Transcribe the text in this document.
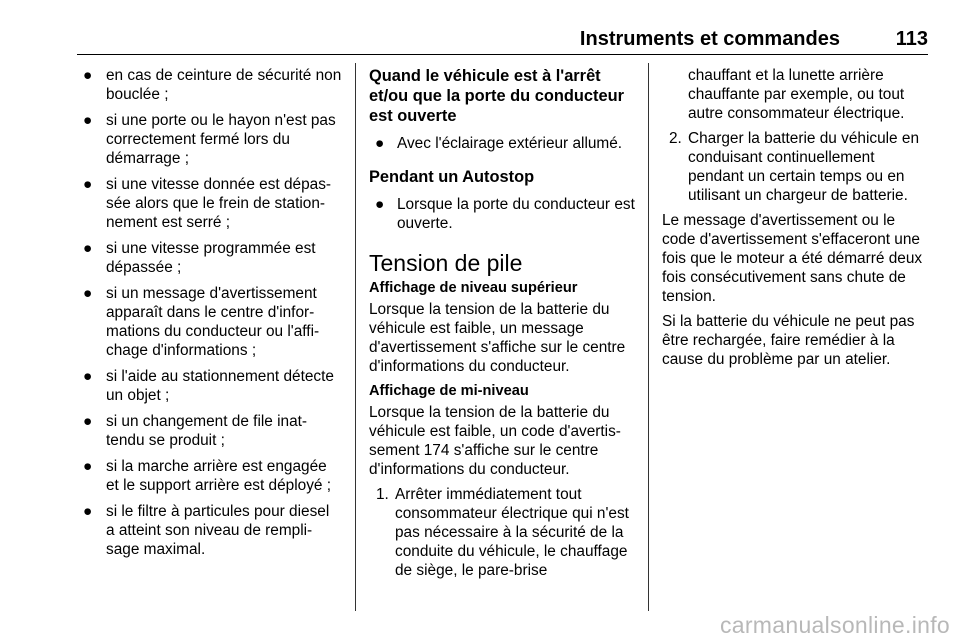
Instruments et commandes	113
● en cas de ceinture de sécurité non bouclée ;
● si une porte ou le hayon n'est pas correctement fermé lors du démarrage ;
● si une vitesse donnée est dépas- sée alors que le frein de station- nement est serré ;
● si une vitesse programmée est dépassée ;
● si un message d'avertissement apparaît dans le centre d'infor- mations du conducteur ou l'affi- chage d'informations ;
● si l'aide au stationnement détecte un objet ;
● si un changement de file inat- tendu se produit ;
● si la marche arrière est engagée et le support arrière est déployé ;
● si le filtre à particules pour diesel a atteint son niveau de rempli- sage maximal.
Quand le véhicule est à l'arrêt et/ou que la porte du conducteur est ouverte
● Avec l'éclairage extérieur allumé.
Pendant un Autostop
● Lorsque la porte du conducteur est ouverte.
Tension de pile
Affichage de niveau supérieur
Lorsque la tension de la batterie du véhicule est faible, un message d'avertissement s'affiche sur le centre d'informations du conducteur.
Affichage de mi-niveau
Lorsque la tension de la batterie du véhicule est faible, un code d'avertis- sement 174 s'affiche sur le centre d'informations du conducteur.
1. Arrêter immédiatement tout consommateur électrique qui n'est pas nécessaire à la sécurité de la conduite du véhicule, le chauffage de siège, le pare-brise
chauffant et la lunette arrière chauffante par exemple, ou tout autre consommateur électrique.
2. Charger la batterie du véhicule en conduisant continuellement pendant un certain temps ou en utilisant un chargeur de batterie.
Le message d'avertissement ou le code d'avertissement s'effaceront une fois que le moteur a été démarré deux fois consécutivement sans chute de tension.
Si la batterie du véhicule ne peut pas être rechargée, faire remédier à la cause du problème par un atelier.
carmanualsonline.info
